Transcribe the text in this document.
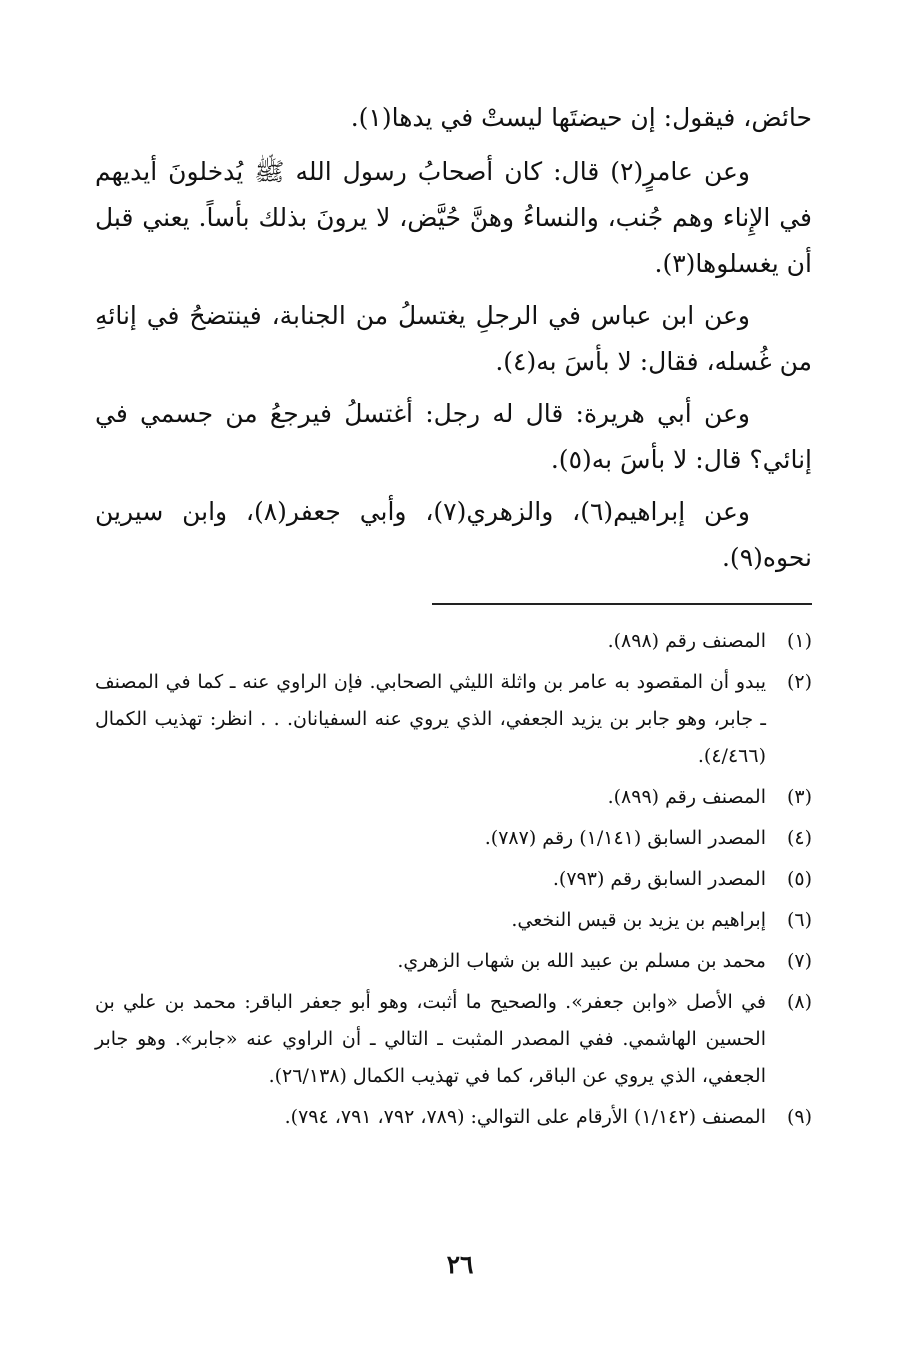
حائض، فيقول: إن حيضتَها ليستْ في يدها(١).

وعن عامرٍ(٢) قال: كان أصحابُ رسول الله ﷺ يُدخلونَ أيديهم في الإِناء وهم جُنب، والنساءُ وهنَّ حُيَّض، لا يرونَ بذلك بأساً. يعني قبل أن يغسلوها(٣).

وعن ابن عباس في الرجلِ يغتسلُ من الجنابة، فينتضحُ في إنائهِ من غُسله، فقال: لا بأسَ به(٤).

وعن أبي هريرة: قال له رجل: أغتسلُ فيرجعُ من جسمي في إنائي؟ قال: لا بأسَ به(٥).

وعن إبراهيم(٦)، والزهري(٧)، وأبي جعفر(٨)، وابن سيرين نحوه(٩).

(١)
المصنف رقم (٨٩٨).
(٢)
يبدو أن المقصود به عامر بن واثلة الليثي الصحابي. فإن الراوي عنه ـ كما في المصنف ـ جابر، وهو جابر بن يزيد الجعفي، الذي يروي عنه السفيانان. . . انظر: تهذيب الكمال (٤/٤٦٦).
(٣)
المصنف رقم (٨٩٩).
(٤)
المصدر السابق (١/١٤١) رقم (٧٨٧).
(٥)
المصدر السابق رقم (٧٩٣).
(٦)
إبراهيم بن يزيد بن قيس النخعي.
(٧)
محمد بن مسلم بن عبيد الله بن شهاب الزهري.
(٨)
في الأصل «وابن جعفر». والصحيح ما أثبت، وهو أبو جعفر الباقر: محمد بن علي بن الحسين الهاشمي. ففي المصدر المثبت ـ التالي ـ أن الراوي عنه «جابر». وهو جابر الجعفي، الذي يروي عن الباقر، كما في تهذيب الكمال (٢٦/١٣٨).
(٩)
المصنف (١/١٤٢) الأرقام على التوالي: (٧٨٩، ٧٩٢، ٧٩١، ٧٩٤).
٢٦
